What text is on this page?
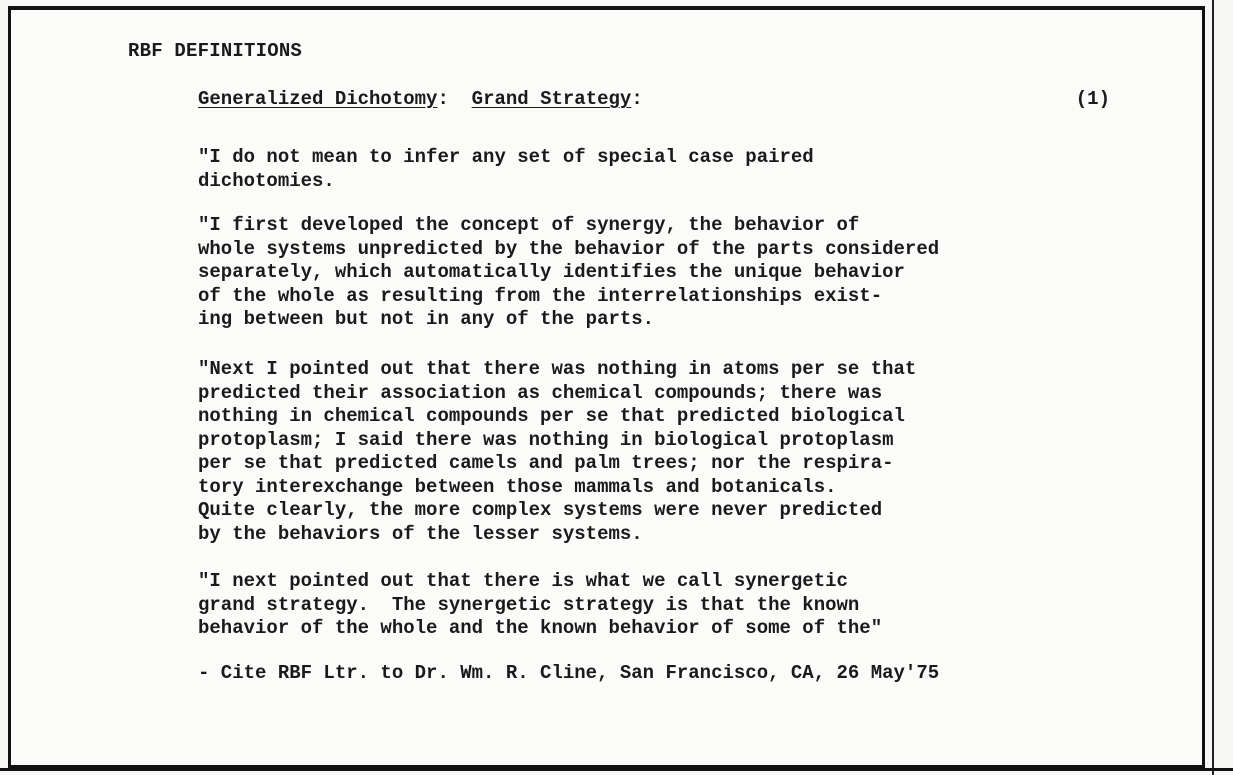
RBF DEFINITIONS
Generalized Dichotomy:  Grand Strategy:	(1)
"I do not mean to infer any set of special case paired
dichotomies.
"I first developed the concept of synergy, the behavior of
whole systems unpredicted by the behavior of the parts considered
separately, which automatically identifies the unique behavior
of the whole as resulting from the interrelationships exist-
ing between but not in any of the parts.
"Next I pointed out that there was nothing in atoms per se that
predicted their association as chemical compounds; there was
nothing in chemical compounds per se that predicted biological
protoplasm; I said there was nothing in biological protoplasm
per se that predicted camels and palm trees; nor the respira-
tory interexchange between those mammals and botanicals.
Quite clearly, the more complex systems were never predicted
by the behaviors of the lesser systems.
"I next pointed out that there is what we call synergetic
grand strategy.  The synergetic strategy is that the known
behavior of the whole and the known behavior of some of the"
- Cite RBF Ltr. to Dr. Wm. R. Cline, San Francisco, CA, 26 May'75
